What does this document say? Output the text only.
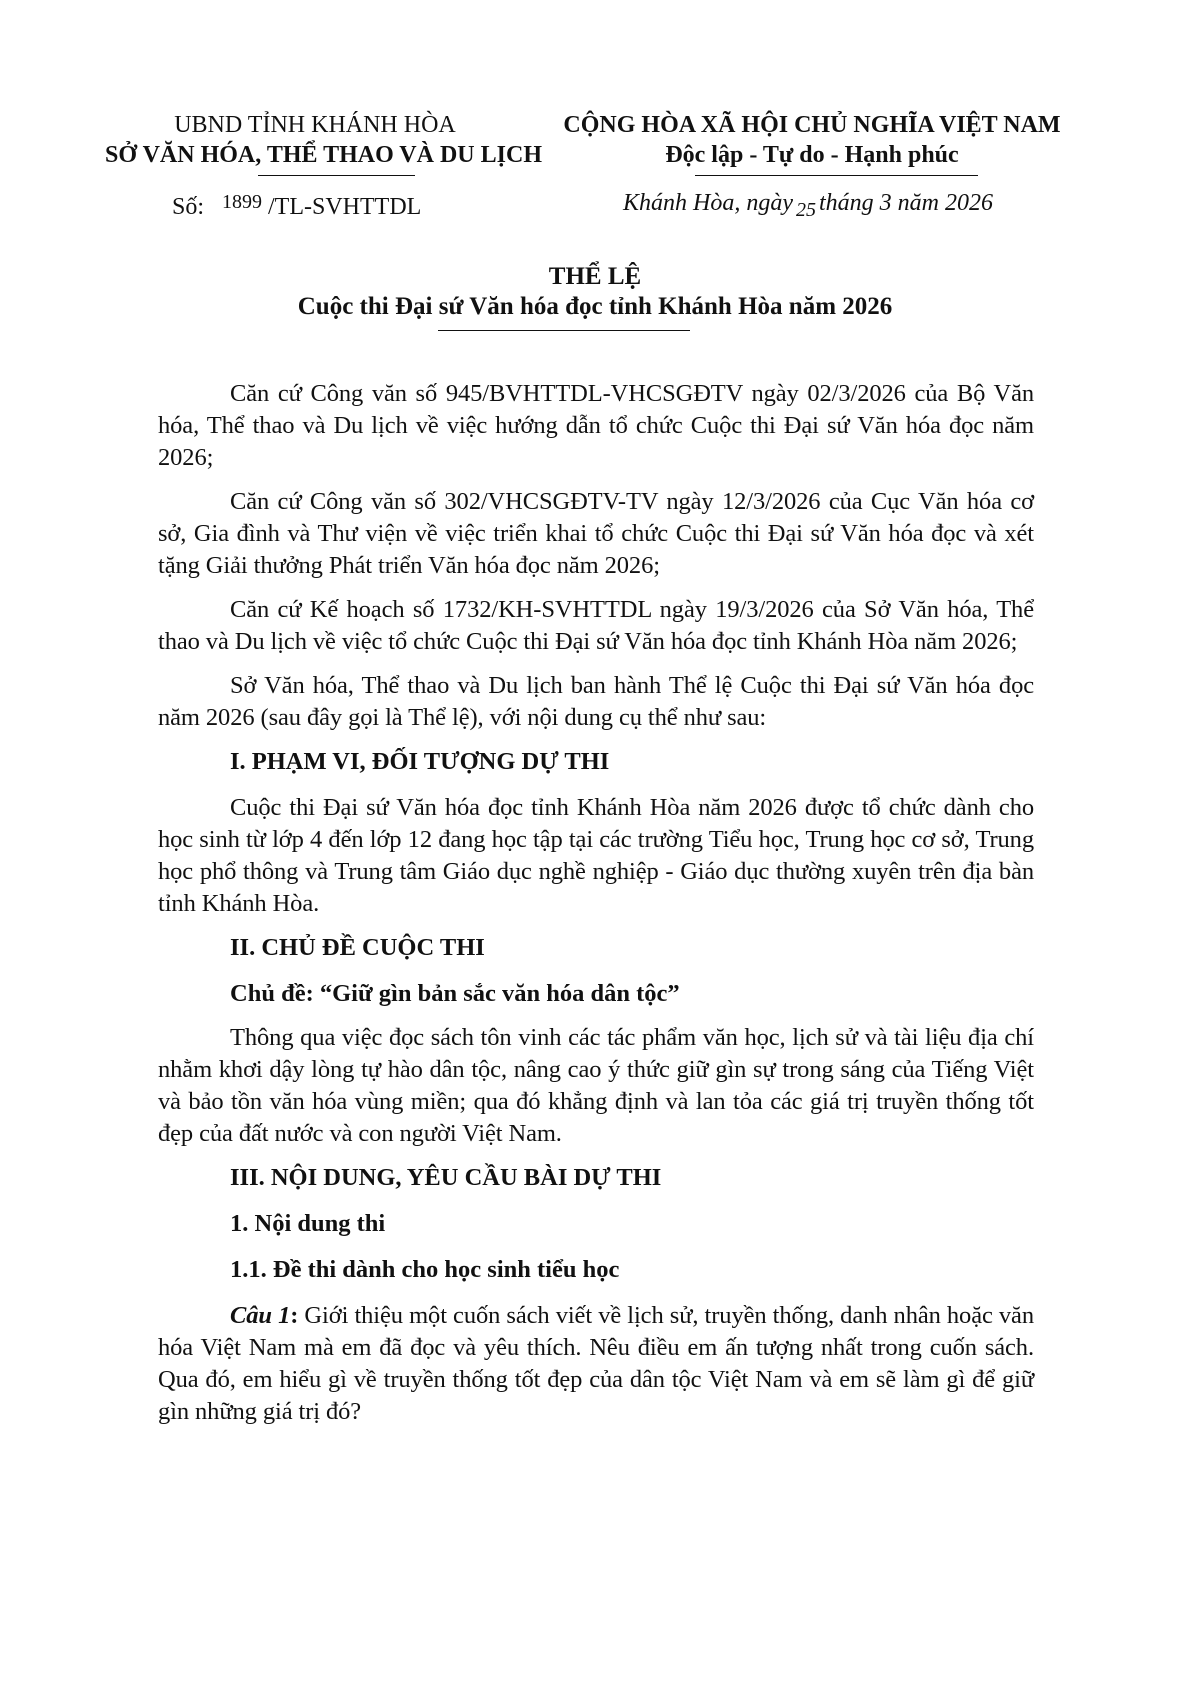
UBND TỈNH KHÁNH HÒA
SỞ VĂN HÓA, THỂ THAO VÀ DU LỊCH
CỘNG HÒA XÃ HỘI CHỦ NGHĨA VIỆT NAM
Độc lập - Tự do - Hạnh phúc
Số: $^{1899}$ /TL-SVHTTDL	Khánh Hòa, ngày $_{25}$ tháng 3 năm 2026
THỂ LỆ
Cuộc thi Đại sứ Văn hóa đọc tỉnh Khánh Hòa năm 2026

Căn cứ Công văn số 945/BVHTTDL-VHCSGĐTV ngày 02/3/2026 của Bộ Văn hóa, Thể thao và Du lịch về việc hướng dẫn tổ chức Cuộc thi Đại sứ Văn hóa đọc năm 2026;

Căn cứ Công văn số 302/VHCSGĐTV-TV ngày 12/3/2026 của Cục Văn hóa cơ sở, Gia đình và Thư viện về việc triển khai tổ chức Cuộc thi Đại sứ Văn hóa đọc và xét tặng Giải thưởng Phát triển Văn hóa đọc năm 2026;

Căn cứ Kế hoạch số 1732/KH-SVHTTDL ngày 19/3/2026 của Sở Văn hóa, Thể thao và Du lịch về việc tổ chức Cuộc thi Đại sứ Văn hóa đọc tỉnh Khánh Hòa năm 2026;

Sở Văn hóa, Thể thao và Du lịch ban hành Thể lệ Cuộc thi Đại sứ Văn hóa đọc năm 2026 (sau đây gọi là Thể lệ), với nội dung cụ thể như sau:

I. PHẠM VI, ĐỐI TƯỢNG DỰ THI

Cuộc thi Đại sứ Văn hóa đọc tỉnh Khánh Hòa năm 2026 được tổ chức dành cho học sinh từ lớp 4 đến lớp 12 đang học tập tại các trường Tiểu học, Trung học cơ sở, Trung học phổ thông và Trung tâm Giáo dục nghề nghiệp - Giáo dục thường xuyên trên địa bàn tỉnh Khánh Hòa.

II. CHỦ ĐỀ CUỘC THI
Chủ đề: “Giữ gìn bản sắc văn hóa dân tộc”

Thông qua việc đọc sách tôn vinh các tác phẩm văn học, lịch sử và tài liệu địa chí nhằm khơi dậy lòng tự hào dân tộc, nâng cao ý thức giữ gìn sự trong sáng của Tiếng Việt và bảo tồn văn hóa vùng miền; qua đó khẳng định và lan tỏa các giá trị truyền thống tốt đẹp của đất nước và con người Việt Nam.

III. NỘI DUNG, YÊU CẦU BÀI DỰ THI
1. Nội dung thi
1.1. Đề thi dành cho học sinh tiểu học

Câu 1: Giới thiệu một cuốn sách viết về lịch sử, truyền thống, danh nhân hoặc văn hóa Việt Nam mà em đã đọc và yêu thích. Nêu điều em ấn tượng nhất trong cuốn sách. Qua đó, em hiểu gì về truyền thống tốt đẹp của dân tộc Việt Nam và em sẽ làm gì để giữ gìn những giá trị đó?
